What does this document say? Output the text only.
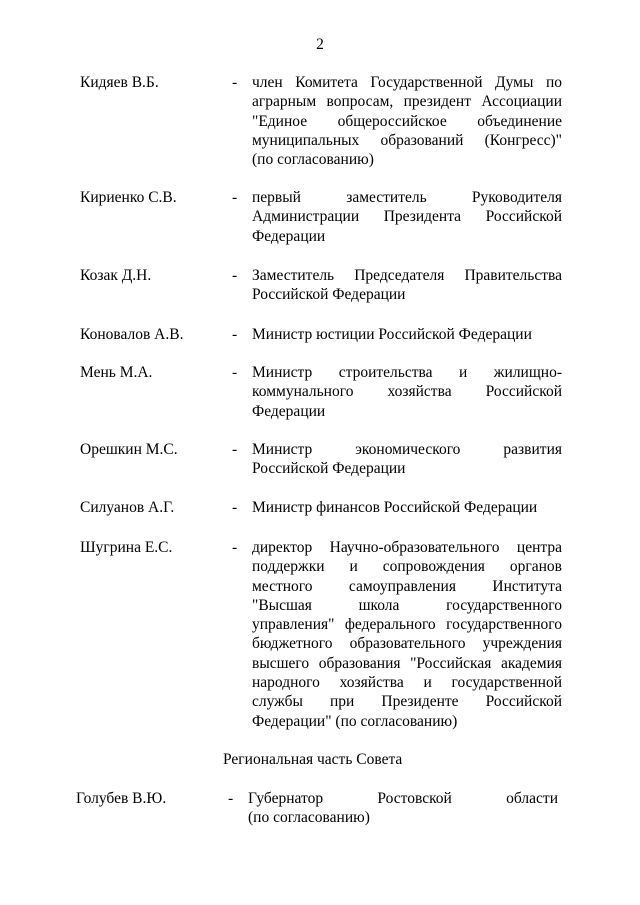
2
Кидяев В.Б.	- член Комитета Государственной Думы по
аграрным вопросам, президент Ассоциации
"Единое общероссийское объединение
муниципальных образований (Конгресс)"
(по согласованию)
Кириенко С.В.	- первый заместитель Руководителя
Администрации Президента Российской
Федерации
Козак Д.Н.	- Заместитель Председателя Правительства
Российской Федерации
Коновалов А.В.	- Министр юстиции Российской Федерации
Мень М.А.	- Министр строительства и жилищно-
коммунального хозяйства Российской
Федерации
Орешкин М.С.	- Министр экономического развития
Российской Федерации
Силуанов А.Г.	- Министр финансов Российской Федерации
Шугрина Е.С.	- директор Научно-образовательного центра
поддержки и сопровождения органов
местного самоуправления Института
"Высшая школа государственного
управления" федерального государственного
бюджетного образовательного учреждения
высшего образования "Российская академия
народного хозяйства и государственной
службы при Президенте Российской
Федерации" (по согласованию)
Региональная часть Совета
Голубев В.Ю.	- Губернатор Ростовской области
(по согласованию)
